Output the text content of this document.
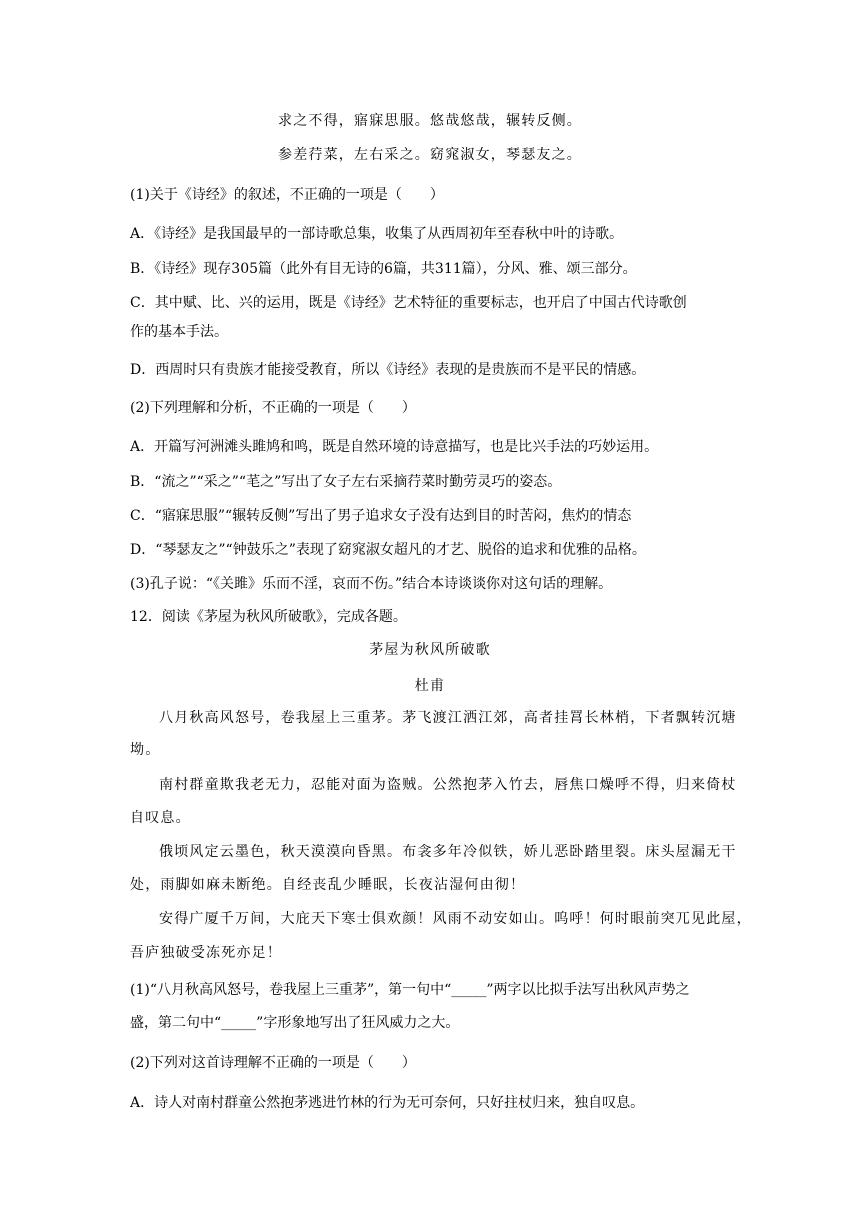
求之不得，寤寐思服。悠哉悠哉，辗转反侧。
参差荇菜，左右采之。窈窕淑女，琴瑟友之。
(1)关于《诗经》的叙述，不正确的一项是（　　）
A．《诗经》是我国最早的一部诗歌总集，收集了从西周初年至春秋中叶的诗歌。
B．《诗经》现存305篇（此外有目无诗的6篇，共311篇），分风、雅、颂三部分。
C．其中赋、比、兴的运用，既是《诗经》艺术特征的重要标志，也开启了中国古代诗歌创
作的基本手法。
D．西周时只有贵族才能接受教育，所以《诗经》表现的是贵族而不是平民的情感。
(2)下列理解和分析，不正确的一项是（　　）
A．开篇写河洲滩头雎鸠和鸣，既是自然环境的诗意描写，也是比兴手法的巧妙运用。
B．“流之”“采之”“芼之”写出了女子左右采摘荇菜时勤劳灵巧的姿态。
C．“寤寐思服”“辗转反侧”写出了男子追求女子没有达到目的时苦闷，焦灼的情态
D．“琴瑟友之”“钟鼓乐之”表现了窈窕淑女超凡的才艺、脱俗的追求和优雅的品格。
(3)孔子说：“《关雎》乐而不淫，哀而不伤。”结合本诗谈谈你对这句话的理解。
12．阅读《茅屋为秋风所破歌》，完成各题。
茅屋为秋风所破歌
杜甫
八月秋高风怒号，卷我屋上三重茅。茅飞渡江洒江郊，高者挂罥长林梢，下者飘转沉塘
坳。
南村群童欺我老无力，忍能对面为盗贼。公然抱茅入竹去，唇焦口燥呼不得，归来倚杖
自叹息。
俄顷风定云墨色，秋天漠漠向昏黑。布衾多年冷似铁，娇儿恶卧踏里裂。床头屋漏无干
处，雨脚如麻未断绝。自经丧乱少睡眠，长夜沾湿何由彻！
安得广厦千万间，大庇天下寒士俱欢颜！风雨不动安如山。呜呼！何时眼前突兀见此屋，
吾庐独破受冻死亦足！
(1)“八月秋高风怒号，卷我屋上三重茅”，第一句中“_____”两字以比拟手法写出秋风声势之
盛，第二句中“_____”字形象地写出了狂风威力之大。
(2)下列对这首诗理解不正确的一项是（　　）
A．诗人对南村群童公然抱茅逃进竹林的行为无可奈何，只好拄杖归来，独自叹息。
